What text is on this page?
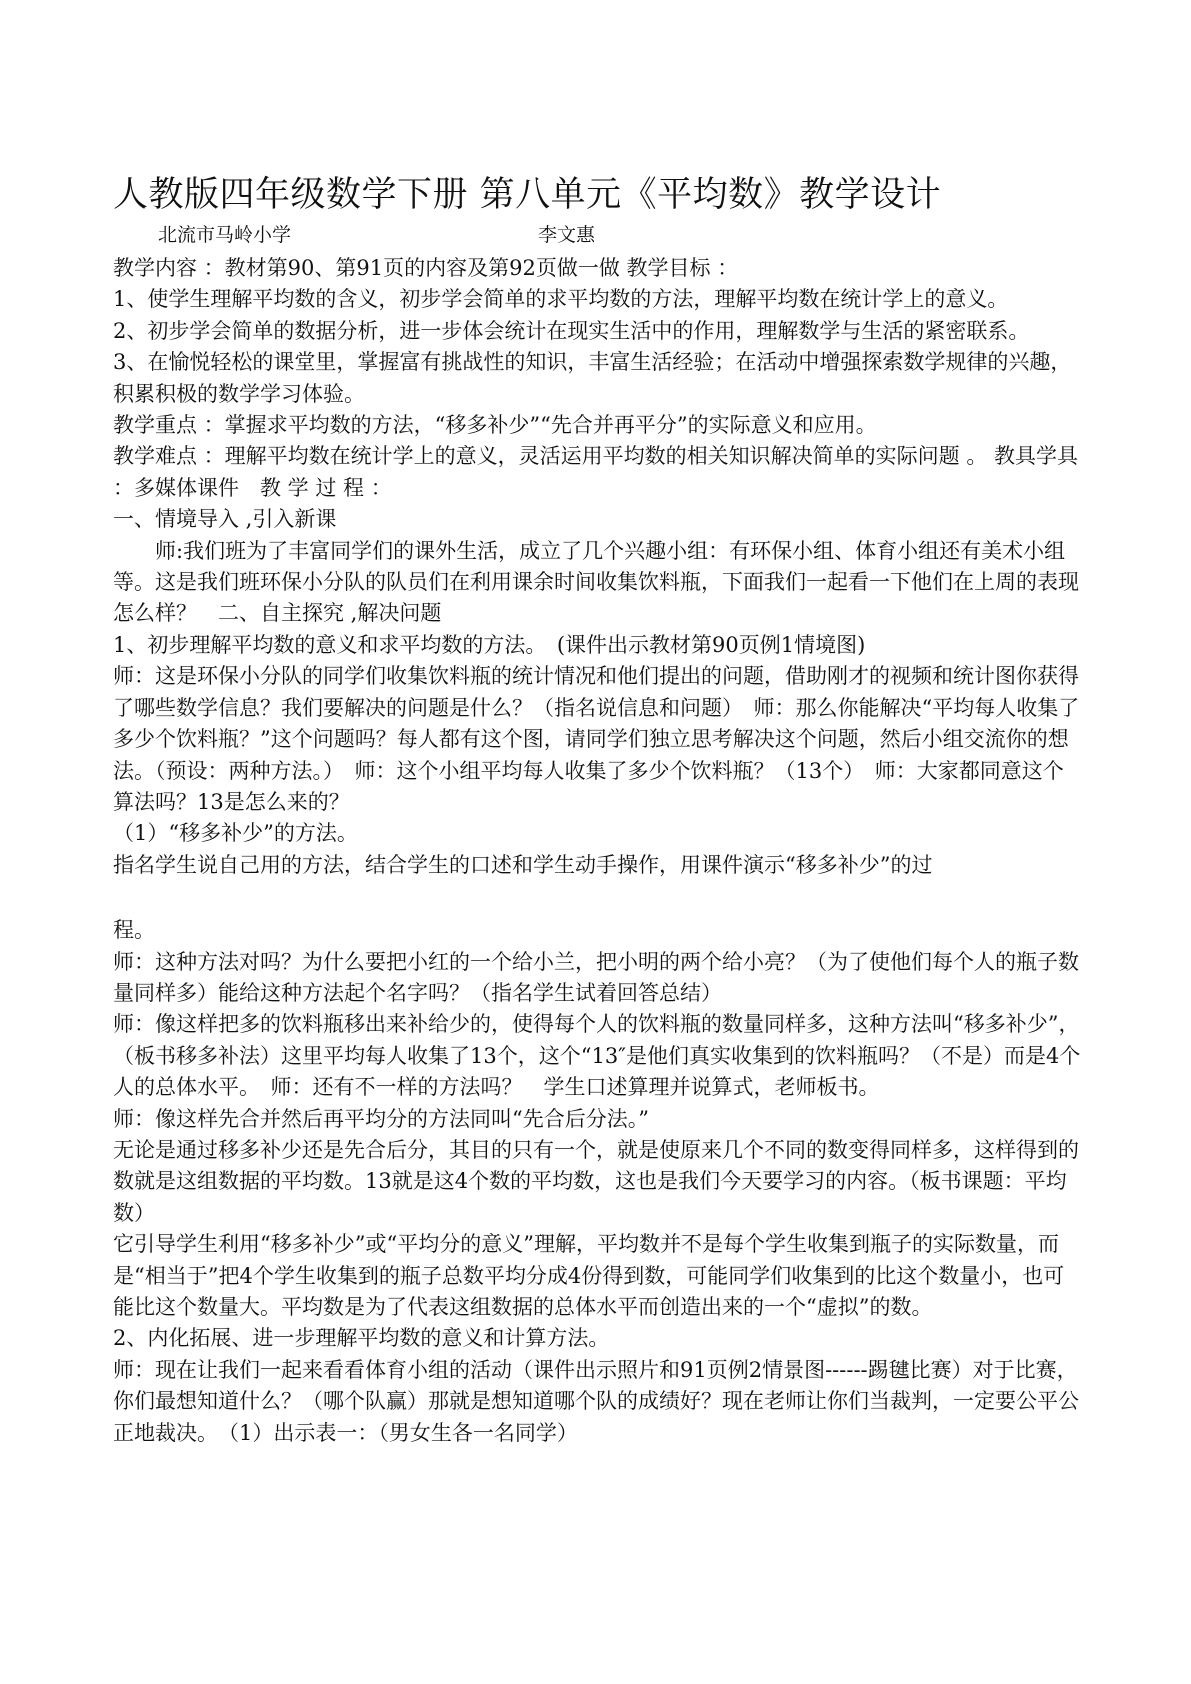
人教版四年级数学下册 第八单元《平均数》教学设计
北流市马岭小学	李文惠

教学内容 ：教材第90、第91页的内容及第92页做一做 教学目标 ：

1、使学生理解平均数的含义，初步学会简单的求平均数的方法，理解平均数在统计学上的意义。

2、初步学会简单的数据分析，进一步体会统计在现实生活中的作用，理解数学与生活的紧密联系。

3、在愉悦轻松的课堂里，掌握富有挑战性的知识，丰富生活经验；在活动中增强探索数学规律的兴趣，积累积极的数学学习体验。

教学重点 ：掌握求平均数的方法，“移多补少”“先合并再平分”的实际意义和应用。

教学难点 ：理解平均数在统计学上的意义，灵活运用平均数的相关知识解决简单的实际问题 。 教具学具 ：多媒体课件　教 学 过 程 ：

一、情境导入 ,引入新课

师:我们班为了丰富同学们的课外生活，成立了几个兴趣小组：有环保小组、体育小组还有美术小组等。这是我们班环保小分队的队员们在利用课余时间收集饮料瓶，下面我们一起看一下他们在上周的表现怎么样？　二、自主探究 ,解决问题

1、初步理解平均数的意义和求平均数的方法。　(课件出示教材第90页例1情境图)

师：这是环保小分队的同学们收集饮料瓶的统计情况和他们提出的问题，借助刚才的视频和统计图你获得了哪些数学信息？我们要解决的问题是什么？（指名说信息和问题）　师：那么你能解决“平均每人收集了多少个饮料瓶？”这个问题吗？每人都有这个图，请同学们独立思考解决这个问题，然后小组交流你的想法。（预设：两种方法。）　师：这个小组平均每人收集了多少个饮料瓶？（13个）　师：大家都同意这个算法吗？13是怎么来的？

（1）“移多补少”的方法。

指名学生说自己用的方法，结合学生的口述和学生动手操作，用课件演示“移多补少”的过

程。

师：这种方法对吗？为什么要把小红的一个给小兰，把小明的两个给小亮？（为了使他们每个人的瓶子数量同样多）能给这种方法起个名字吗？（指名学生试着回答总结）

师：像这样把多的饮料瓶移出来补给少的，使得每个人的饮料瓶的数量同样多，这种方法叫“移多补少”，（板书移多补法）这里平均每人收集了13个，这个“13″是他们真实收集到的饮料瓶吗？（不是）而是4个人的总体水平。　师：还有不一样的方法吗？　学生口述算理并说算式，老师板书。

师：像这样先合并然后再平均分的方法同叫“先合后分法。”

无论是通过移多补少还是先合后分，其目的只有一个，就是使原来几个不同的数变得同样多，这样得到的数就是这组数据的平均数。13就是这4个数的平均数，这也是我们今天要学习的内容。（板书课题：平均数）

它引导学生利用“移多补少”或“平均分的意义”理解，平均数并不是每个学生收集到瓶子的实际数量，而是“相当于”把4个学生收集到的瓶子总数平均分成4份得到数，可能同学们收集到的比这个数量小，也可能比这个数量大。平均数是为了代表这组数据的总体水平而创造出来的一个“虚拟”的数。

2、内化拓展、进一步理解平均数的意义和计算方法。

师：现在让我们一起来看看体育小组的活动（课件出示照片和91页例2情景图------踢毽比赛）对于比赛，你们最想知道什么？（哪个队赢）那就是想知道哪个队的成绩好？现在老师让你们当裁判，一定要公平公正地裁决。　（1）出示表一：（男女生各一名同学）
